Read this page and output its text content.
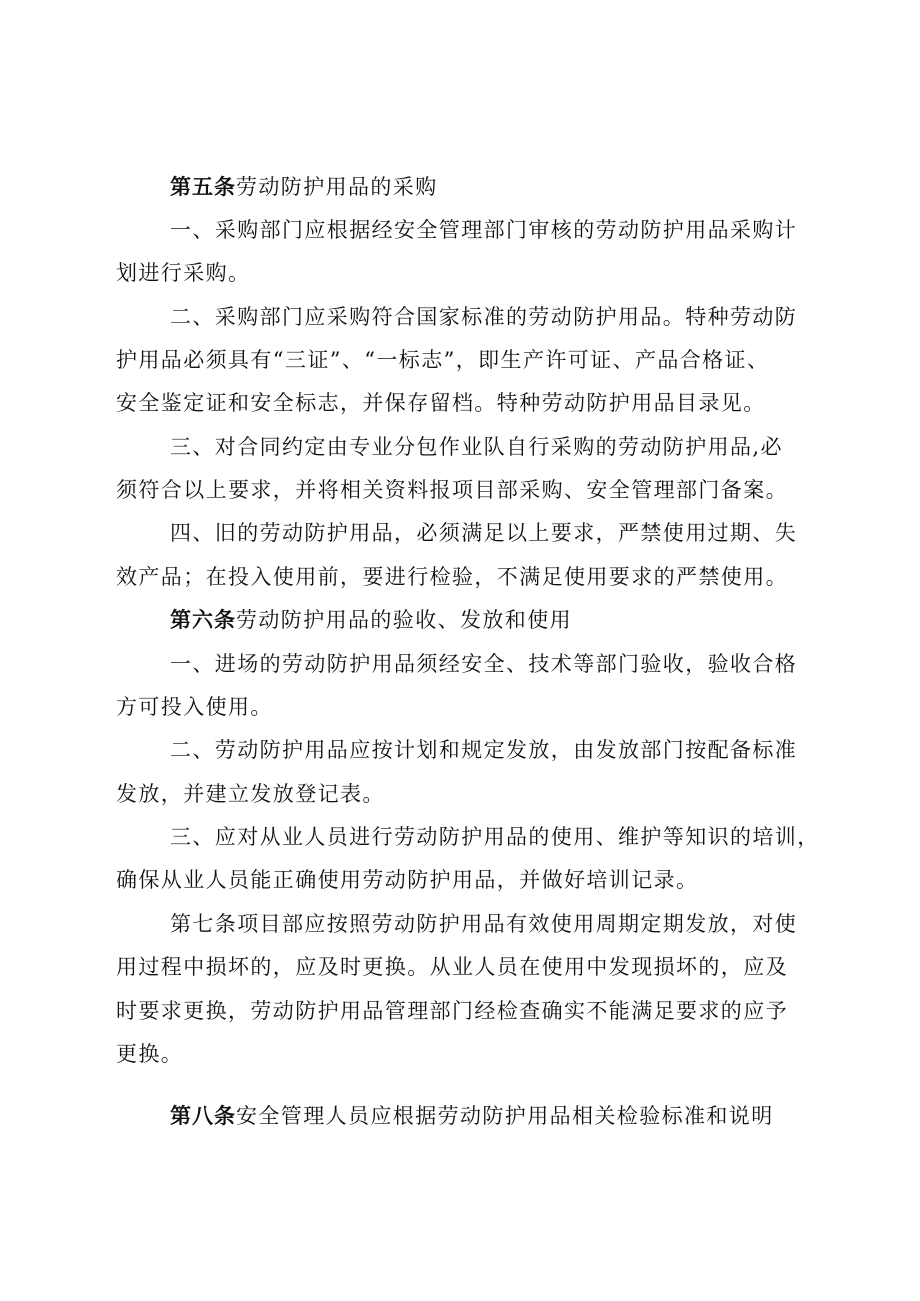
第五条劳动防护用品的采购
一、采购部门应根据经安全管理部门审核的劳动防护用品采购计
划进行采购。
二、采购部门应采购符合国家标准的劳动防护用品。特种劳动防
护用品必须具有“三证”、“一标志”，即生产许可证、产品合格证、
安全鉴定证和安全标志，并保存留档。特种劳动防护用品目录见。
三、对合同约定由专业分包作业队自行采购的劳动防护用品,必
须符合以上要求，并将相关资料报项目部采购、安全管理部门备案。
四、旧的劳动防护用品，必须满足以上要求，严禁使用过期、失
效产品；在投入使用前，要进行检验，不满足使用要求的严禁使用。
第六条劳动防护用品的验收、发放和使用
一、进场的劳动防护用品须经安全、技术等部门验收，验收合格
方可投入使用。
二、劳动防护用品应按计划和规定发放，由发放部门按配备标准
发放，并建立发放登记表。
三、应对从业人员进行劳动防护用品的使用、维护等知识的培训，
确保从业人员能正确使用劳动防护用品，并做好培训记录。
第七条项目部应按照劳动防护用品有效使用周期定期发放，对使
用过程中损坏的，应及时更换。从业人员在使用中发现损坏的，应及
时要求更换，劳动防护用品管理部门经检查确实不能满足要求的应予
更换。
第八条安全管理人员应根据劳动防护用品相关检验标准和说明
